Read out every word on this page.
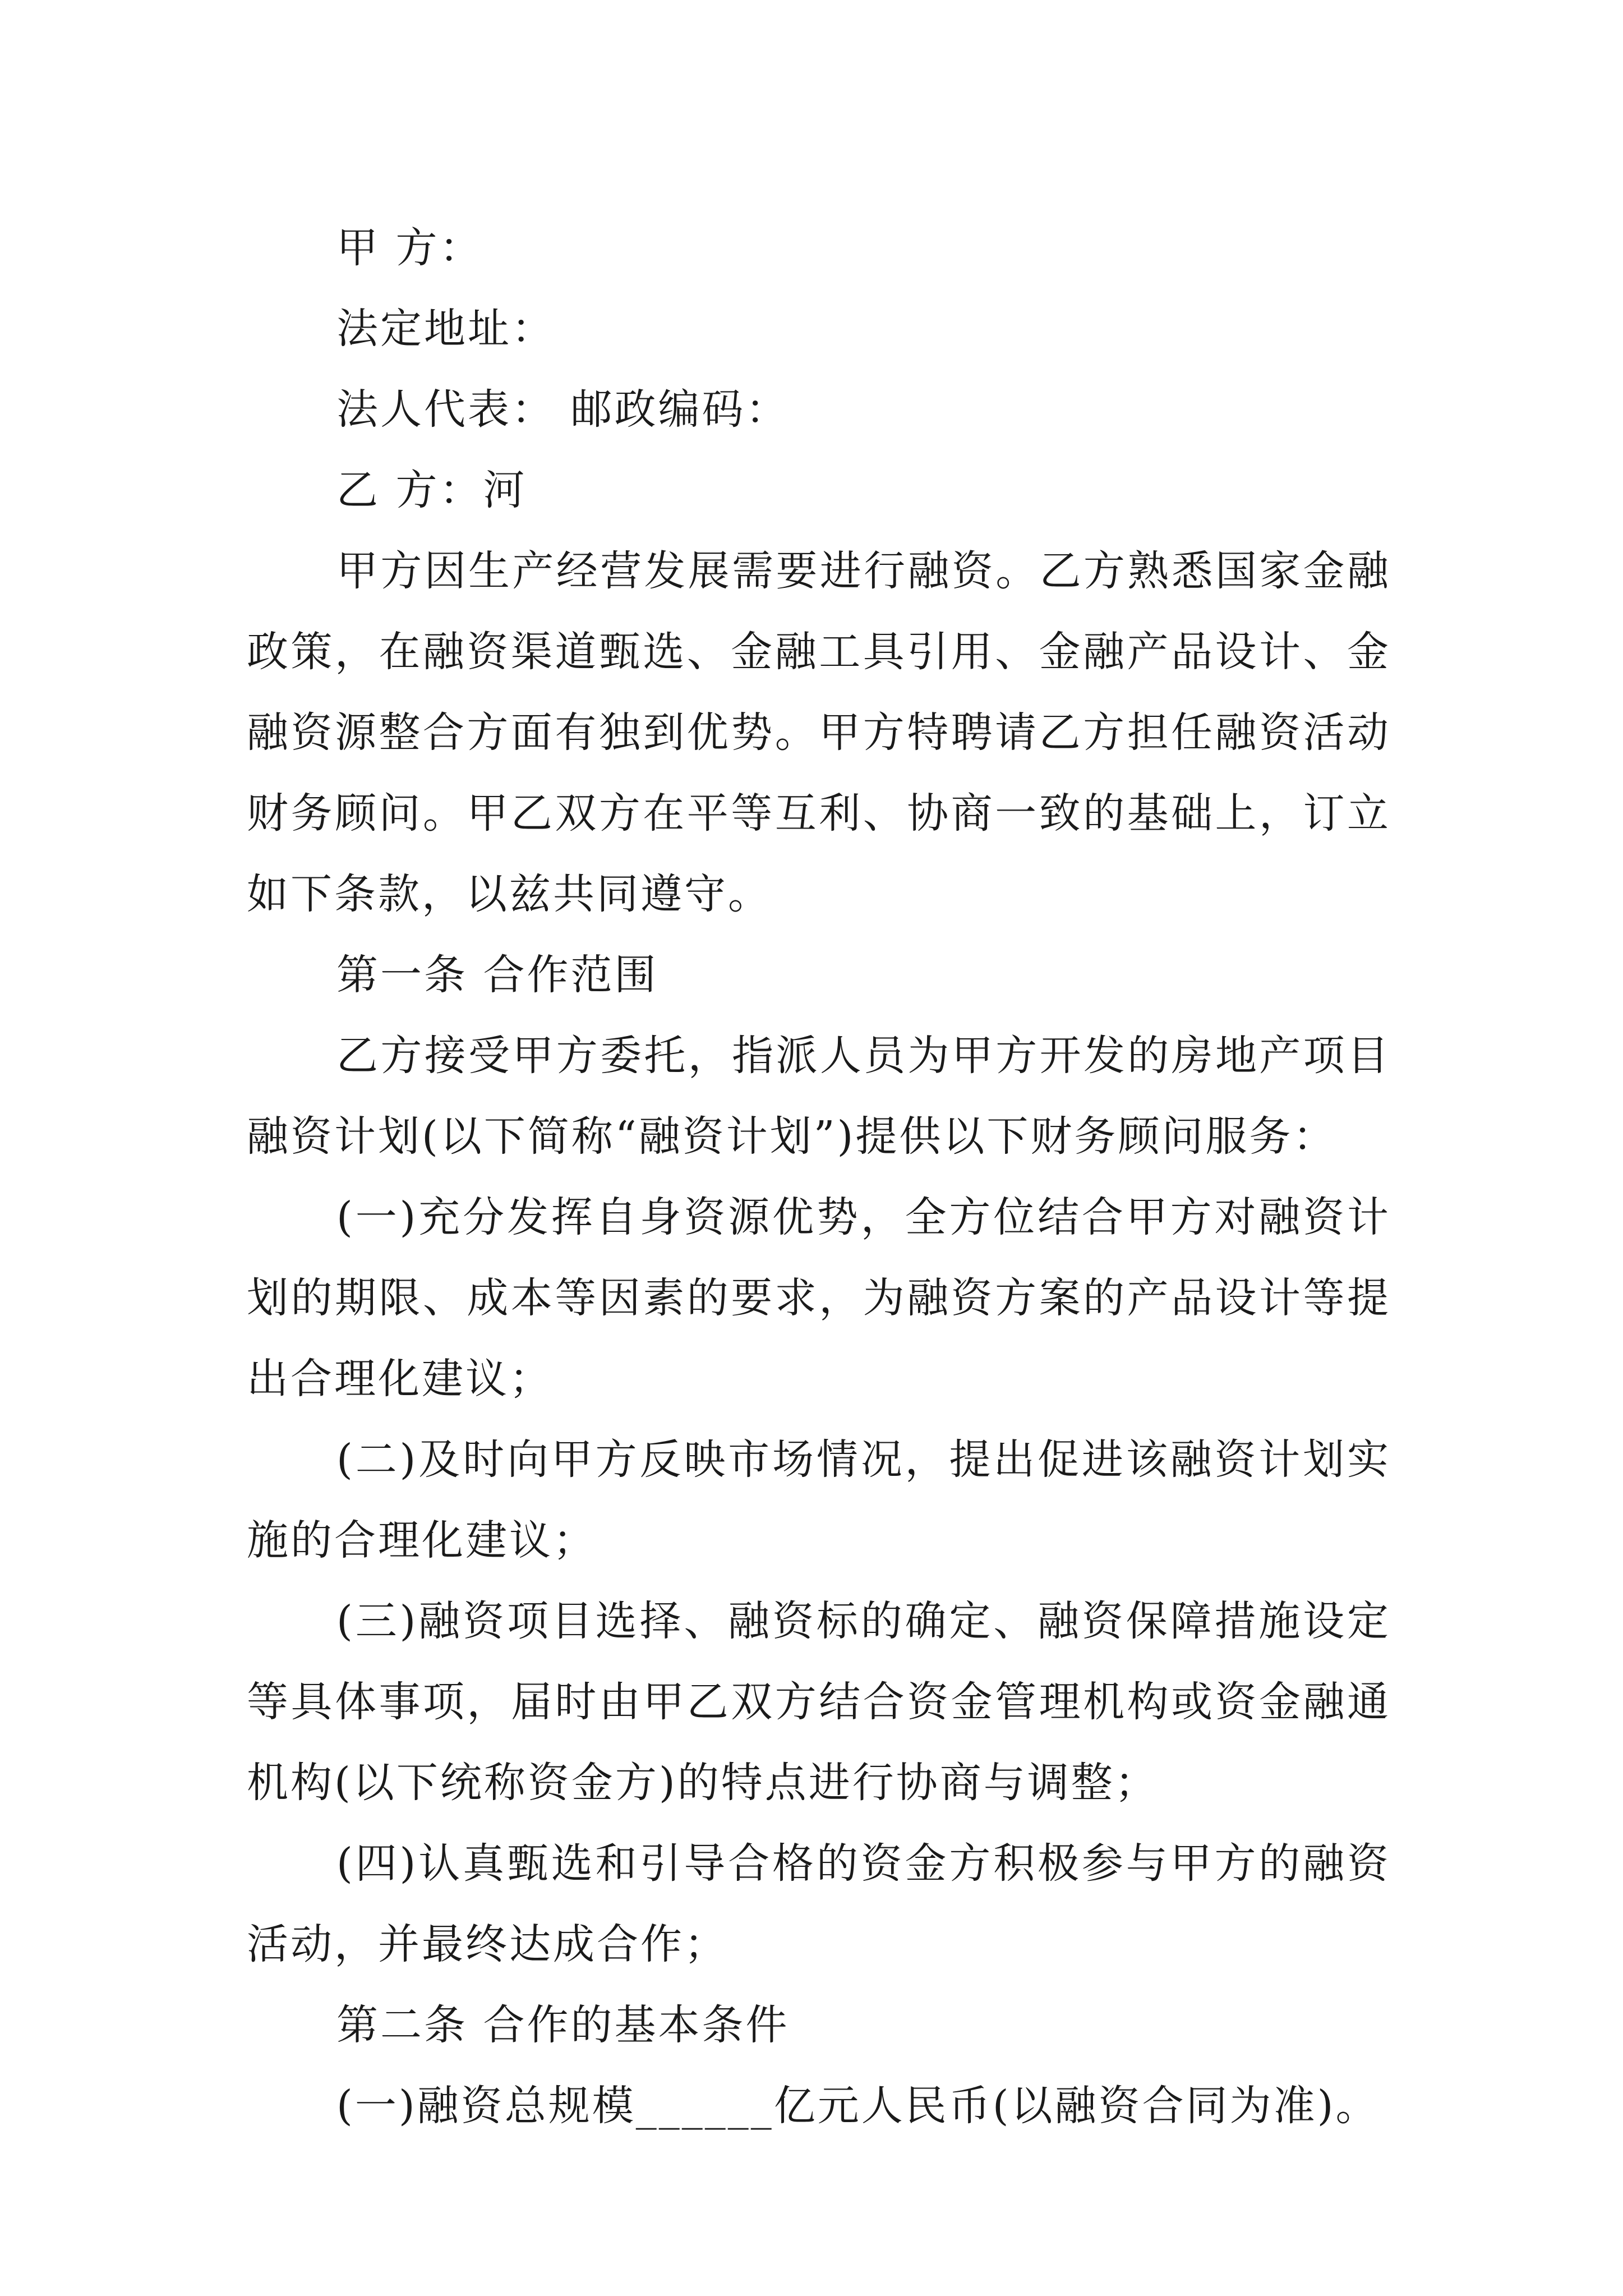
甲 方：

法定地址：

法人代表： 邮政编码：

乙 方：河

甲方因生产经营发展需要进行融资。乙方熟悉国家金融政策，在融资渠道甄选、金融工具引用、金融产品设计、金融资源整合方面有独到优势。甲方特聘请乙方担任融资活动财务顾问。甲乙双方在平等互利、协商一致的基础上，订立如下条款，以兹共同遵守。

第一条 合作范围

乙方接受甲方委托，指派人员为甲方开发的房地产项目融资计划(以下简称“融资计划”)提供以下财务顾问服务：

(一)充分发挥自身资源优势，全方位结合甲方对融资计划的期限、成本等因素的要求，为融资方案的产品设计等提出合理化建议；

(二)及时向甲方反映市场情况，提出促进该融资计划实施的合理化建议；

(三)融资项目选择、融资标的确定、融资保障措施设定等具体事项，届时由甲乙双方结合资金管理机构或资金融通机构(以下统称资金方)的特点进行协商与调整；

(四)认真甄选和引导合格的资金方积极参与甲方的融资活动，并最终达成合作；

第二条 合作的基本条件

(一)融资总规模______亿元人民币(以融资合同为准)。
